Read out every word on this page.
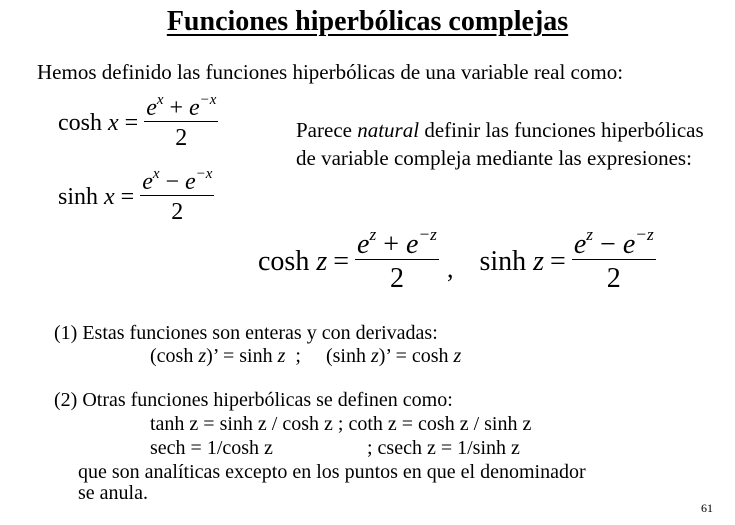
Funciones hiperbólicas complejas
Hemos definido las funciones hiperbólicas de una variable real como:
$\cosh x = \frac{e^x + e^{-x}}{2}$
$\sinh x = \frac{e^x - e^{-x}}{2}$
Parece natural definir las funciones hiperbólicas de variable compleja mediante las expresiones:
$\cosh z = \frac{e^z + e^{-z}}{2}$ , $\sinh z = \frac{e^z - e^{-z}}{2}$
(1) Estas funciones son enteras y con derivadas:
(cosh z)’ = sinh z  ;     (sinh z)’ = cosh z
(2) Otras funciones hiperbólicas se definen como:
tanh z = sinh z / cosh z ; coth z = cosh z / sinh z
sech = 1/cosh z	; csech z = 1/sinh z
que son analíticas excepto en los puntos en que el denominador
se anula.
61
